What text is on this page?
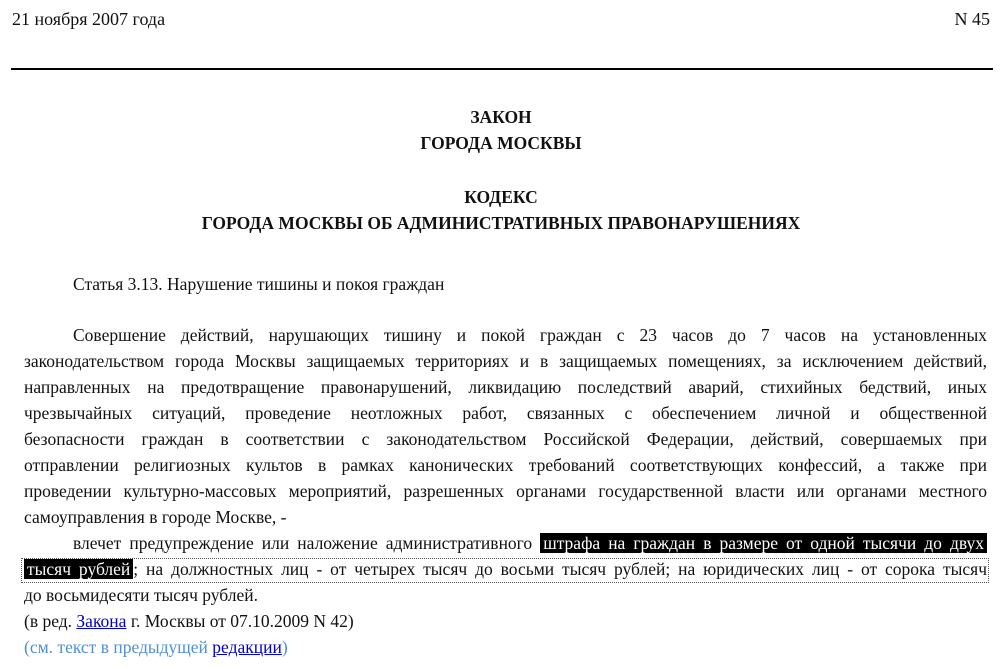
21 ноября 2007 года	N 45
ЗАКОН
ГОРОДА МОСКВЫ
КОДЕКС
ГОРОДА МОСКВЫ ОБ АДМИНИСТРАТИВНЫХ ПРАВОНАРУШЕНИЯХ
Статья 3.13. Нарушение тишины и покоя граждан
Совершение действий, нарушающих тишину и покой граждан с 23 часов до 7 часов на установленных
законодательством города Москвы защищаемых территориях и в защищаемых помещениях, за исключением действий,
направленных на предотвращение правонарушений, ликвидацию последствий аварий, стихийных бедствий, иных
чрезвычайных ситуаций, проведение неотложных работ, связанных с обеспечением личной и общественной
безопасности граждан в соответствии с законодательством Российской Федерации, действий, совершаемых при
отправлении религиозных культов в рамках канонических требований соответствующих конфессий, а также при
проведении культурно-массовых мероприятий, разрешенных органами государственной власти или органами местного
самоуправления в городе Москве, -
влечет предупреждение или наложение административного штрафа на граждан в размере от одной тысячи до двух
тысяч рублей ; на должностных лиц - от четырех тысяч до восьми тысяч рублей; на юридических лиц - от сорока тысяч
до восьмидесяти тысяч рублей.
(в ред. Закона г. Москвы от 07.10.2009 N 42)
(см. текст в предыдущей редакции)
